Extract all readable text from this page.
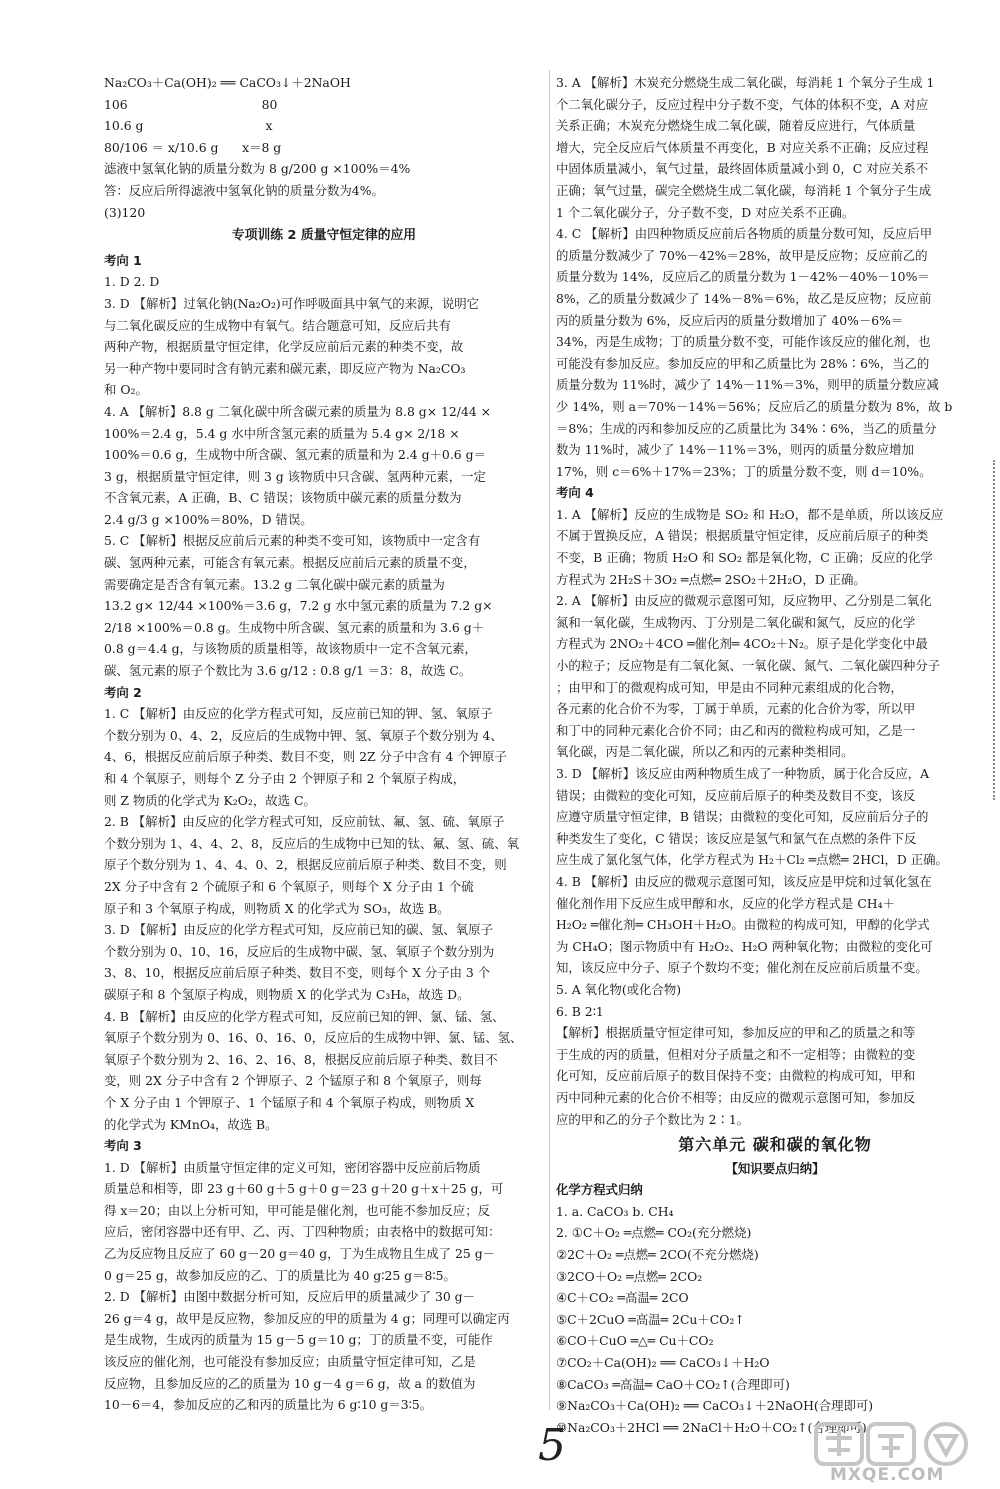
Na₂CO₃＋Ca(OH)₂ ══ CaCO₃↓＋2NaOH
106                                  80
10.6 g                               x
80/106 ＝ x/10.6 g      x＝8 g
滤液中氢氧化钠的质量分数为 8 g/200 g ×100%＝4%
答：反应后所得滤液中氢氧化钠的质量分数为4%。
(3)120
专项训练 2 质量守恒定律的应用
考向 1
1. D 2. D
3. D 【解析】过氧化钠(Na₂O₂)可作呼吸面具中氧气的来源，说明它
与二氧化碳反应的生成物中有氧气。结合题意可知，反应后共有
两种产物，根据质量守恒定律，化学反应前后元素的种类不变，故
另一种产物中要同时含有钠元素和碳元素，即反应产物为 Na₂CO₃
和 O₂。
4. A 【解析】8.8 g 二氧化碳中所含碳元素的质量为 8.8 g× 12/44 ×
100%＝2.4 g，5.4 g 水中所含氢元素的质量为 5.4 g× 2/18 ×
100%＝0.6 g，生成物中所含碳、氢元素的质量和为 2.4 g＋0.6 g＝
3 g，根据质量守恒定律，则 3 g 该物质中只含碳、氢两种元素，一定
不含氧元素，A 正确，B、C 错误；该物质中碳元素的质量分数为
2.4 g/3 g ×100%＝80%，D 错误。
5. C 【解析】根据反应前后元素的种类不变可知，该物质中一定含有
碳、氢两种元素，可能含有氧元素。根据反应前后元素的质量不变，
需要确定是否含有氧元素。13.2 g 二氧化碳中碳元素的质量为
13.2 g× 12/44 ×100%＝3.6 g，7.2 g 水中氢元素的质量为 7.2 g×
2/18 ×100%＝0.8 g。生成物中所含碳、氢元素的质量和为 3.6 g＋
0.8 g＝4.4 g，与该物质的质量相等，故该物质中一定不含氧元素，
碳、氢元素的原子个数比为 3.6 g/12 : 0.8 g/1 ＝3：8，故选 C。
考向 2
1. C 【解析】由反应的化学方程式可知，反应前已知的钾、氢、氧原子
个数分别为 0、4、2，反应后的生成物中钾、氢、氧原子个数分别为 4、
4、6，根据反应前后原子种类、数目不变，则 2Z 分子中含有 4 个钾原子
和 4 个氧原子，则每个 Z 分子由 2 个钾原子和 2 个氧原子构成，
则 Z 物质的化学式为 K₂O₂，故选 C。
2. B 【解析】由反应的化学方程式可知，反应前钛、氟、氢、硫、氧原子
个数分别为 1、4、4、2、8，反应后的生成物中已知的钛、氟、氢、硫、氧
原子个数分别为 1、4、4、0、2，根据反应前后原子种类、数目不变，则
2X 分子中含有 2 个硫原子和 6 个氧原子，则每个 X 分子由 1 个硫
原子和 3 个氧原子构成，则物质 X 的化学式为 SO₃，故选 B。
3. D 【解析】由反应的化学方程式可知，反应前已知的碳、氢、氧原子
个数分别为 0、10、16，反应后的生成物中碳、氢、氧原子个数分别为
3、8、10，根据反应前后原子种类、数目不变，则每个 X 分子由 3 个
碳原子和 8 个氢原子构成，则物质 X 的化学式为 C₃H₈，故选 D。
4. B 【解析】由反应的化学方程式可知，反应前已知的钾、氯、锰、氢、
氧原子个数分别为 0、16、0、16、0，反应后的生成物中钾、氯、锰、氢、
氧原子个数分别为 2、16、2、16、8，根据反应前后原子种类、数目不
变，则 2X 分子中含有 2 个钾原子、2 个锰原子和 8 个氧原子，则每
个 X 分子由 1 个钾原子、1 个锰原子和 4 个氧原子构成，则物质 X
的化学式为 KMnO₄，故选 B。
考向 3
1. D 【解析】由质量守恒定律的定义可知，密闭容器中反应前后物质
质量总和相等，即 23 g＋60 g＋5 g＋0 g＝23 g＋20 g＋x＋25 g，可
得 x＝20；由以上分析可知，甲可能是催化剂，也可能不参加反应；反
应后，密闭容器中还有甲、乙、丙、丁四种物质；由表格中的数据可知：
乙为反应物且反应了 60 g－20 g＝40 g，丁为生成物且生成了 25 g－
0 g＝25 g，故参加反应的乙、丁的质量比为 40 g∶25 g＝8∶5。
2. D 【解析】由图中数据分析可知，反应后甲的质量减少了 30 g－
26 g＝4 g，故甲是反应物，参加反应的甲的质量为 4 g；同理可以确定丙
是生成物，生成丙的质量为 15 g－5 g＝10 g；丁的质量不变，可能作
该反应的催化剂，也可能没有参加反应；由质量守恒定律可知，乙是
反应物，且参加反应的乙的质量为 10 g－4 g＝6 g，故 a 的数值为
10－6＝4，参加反应的乙和丙的质量比为 6 g∶10 g＝3∶5。
3. A 【解析】木炭充分燃烧生成二氧化碳，每消耗 1 个氧分子生成 1
个二氧化碳分子，反应过程中分子数不变，气体的体积不变，A 对应
关系正确；木炭充分燃烧生成二氧化碳，随着反应进行，气体质量
增大，完全反应后气体质量不再变化，B 对应关系不正确；反应过程
中固体质量减小，氧气过量，最终固体质量减小到 0，C 对应关系不
正确；氧气过量，碳完全燃烧生成二氧化碳，每消耗 1 个氧分子生成
1 个二氧化碳分子，分子数不变，D 对应关系不正确。
4. C 【解析】由四种物质反应前后各物质的质量分数可知，反应后甲
的质量分数减少了 70%－42%＝28%，故甲是反应物；反应前乙的
质量分数为 14%，反应后乙的质量分数为 1－42%－40%－10%＝
8%，乙的质量分数减少了 14%－8%＝6%，故乙是反应物；反应前
丙的质量分数为 6%，反应后丙的质量分数增加了 40%－6%＝
34%，丙是生成物；丁的质量分数不变，可能作该反应的催化剂，也
可能没有参加反应。参加反应的甲和乙质量比为 28%∶6%，当乙的
质量分数为 11%时，减少了 14%－11%＝3%，则甲的质量分数应减
少 14%，则 a＝70%－14%＝56%；反应后乙的质量分数为 8%，故 b
＝8%；生成的丙和参加反应的乙质量比为 34%∶6%，当乙的质量分
数为 11%时，减少了 14%－11%＝3%，则丙的质量分数应增加
17%，则 c＝6%＋17%＝23%；丁的质量分数不变，则 d＝10%。
考向 4
1. A 【解析】反应的生成物是 SO₂ 和 H₂O，都不是单质，所以该反应
不属于置换反应，A 错误；根据质量守恒定律，反应前后原子的种类
不变，B 正确；物质 H₂O 和 SO₂ 都是氧化物，C 正确；反应的化学
方程式为 2H₂S＋3O₂ ═点燃═ 2SO₂＋2H₂O，D 正确。
2. A 【解析】由反应的微观示意图可知，反应物甲、乙分别是二氧化
氮和一氧化碳，生成物丙、丁分别是二氧化碳和氮气，反应的化学
方程式为 2NO₂＋4CO ═催化剂═ 4CO₂＋N₂。原子是化学变化中最
小的粒子；反应物是有二氧化氮、一氧化碳、氮气、二氧化碳四种分子
；由甲和丁的微观构成可知，甲是由不同种元素组成的化合物，
各元素的化合价不为零，丁属于单质，元素的化合价为零，所以甲
和丁中的同种元素化合价不同；由乙和丙的微粒构成可知，乙是一
氧化碳，丙是二氧化碳，所以乙和丙的元素种类相同。
3. D 【解析】该反应由两种物质生成了一种物质，属于化合反应，A
错误；由微粒的变化可知，反应前后原子的种类及数目不变，该反
应遵守质量守恒定律，B 错误；由微粒的变化可知，反应前后分子的
种类发生了变化，C 错误；该反应是氢气和氯气在点燃的条件下反
应生成了氯化氢气体，化学方程式为 H₂＋Cl₂ ═点燃═ 2HCl，D 正确。
4. B 【解析】由反应的微观示意图可知，该反应是甲烷和过氧化氢在
催化剂作用下反应生成甲醇和水，反应的化学方程式是 CH₄＋
H₂O₂ ═催化剂═ CH₃OH＋H₂O。由微粒的构成可知，甲醇的化学式
为 CH₄O；图示物质中有 H₂O₂、H₂O 两种氧化物；由微粒的变化可
知，该反应中分子、原子个数均不变；催化剂在反应前后质量不变。
5. A 氧化物(或化合物)
6. B 2∶1
【解析】根据质量守恒定律可知，参加反应的甲和乙的质量之和等
于生成的丙的质量，但相对分子质量之和不一定相等；由微粒的变
化可知，反应前后原子的数目保持不变；由微粒的构成可知，甲和
丙中同种元素的化合价不相等；由反应的微观示意图可知，参加反
应的甲和乙的分子个数比为 2∶1。
第六单元 碳和碳的氧化物
【知识要点归纳】
化学方程式归纳
1. a. CaCO₃ b. CH₄
2. ①C＋O₂ ═点燃═ CO₂(充分燃烧)
②2C＋O₂ ═点燃═ 2CO(不充分燃烧)
③2CO＋O₂ ═点燃═ 2CO₂
④C＋CO₂ ═高温═ 2CO
⑤C＋2CuO ═高温═ 2Cu＋CO₂↑
⑥CO＋CuO ═△═ Cu＋CO₂
⑦CO₂＋Ca(OH)₂ ══ CaCO₃↓＋H₂O
⑧CaCO₃ ═高温═ CaO＋CO₂↑(合理即可)
⑨Na₂CO₃＋Ca(OH)₂ ══ CaCO₃↓＋2NaOH(合理即可)
⑩Na₂CO₃＋2HCl ══ 2NaCl＋H₂O＋CO₂↑(合理即可)
5
MXQE.COM
